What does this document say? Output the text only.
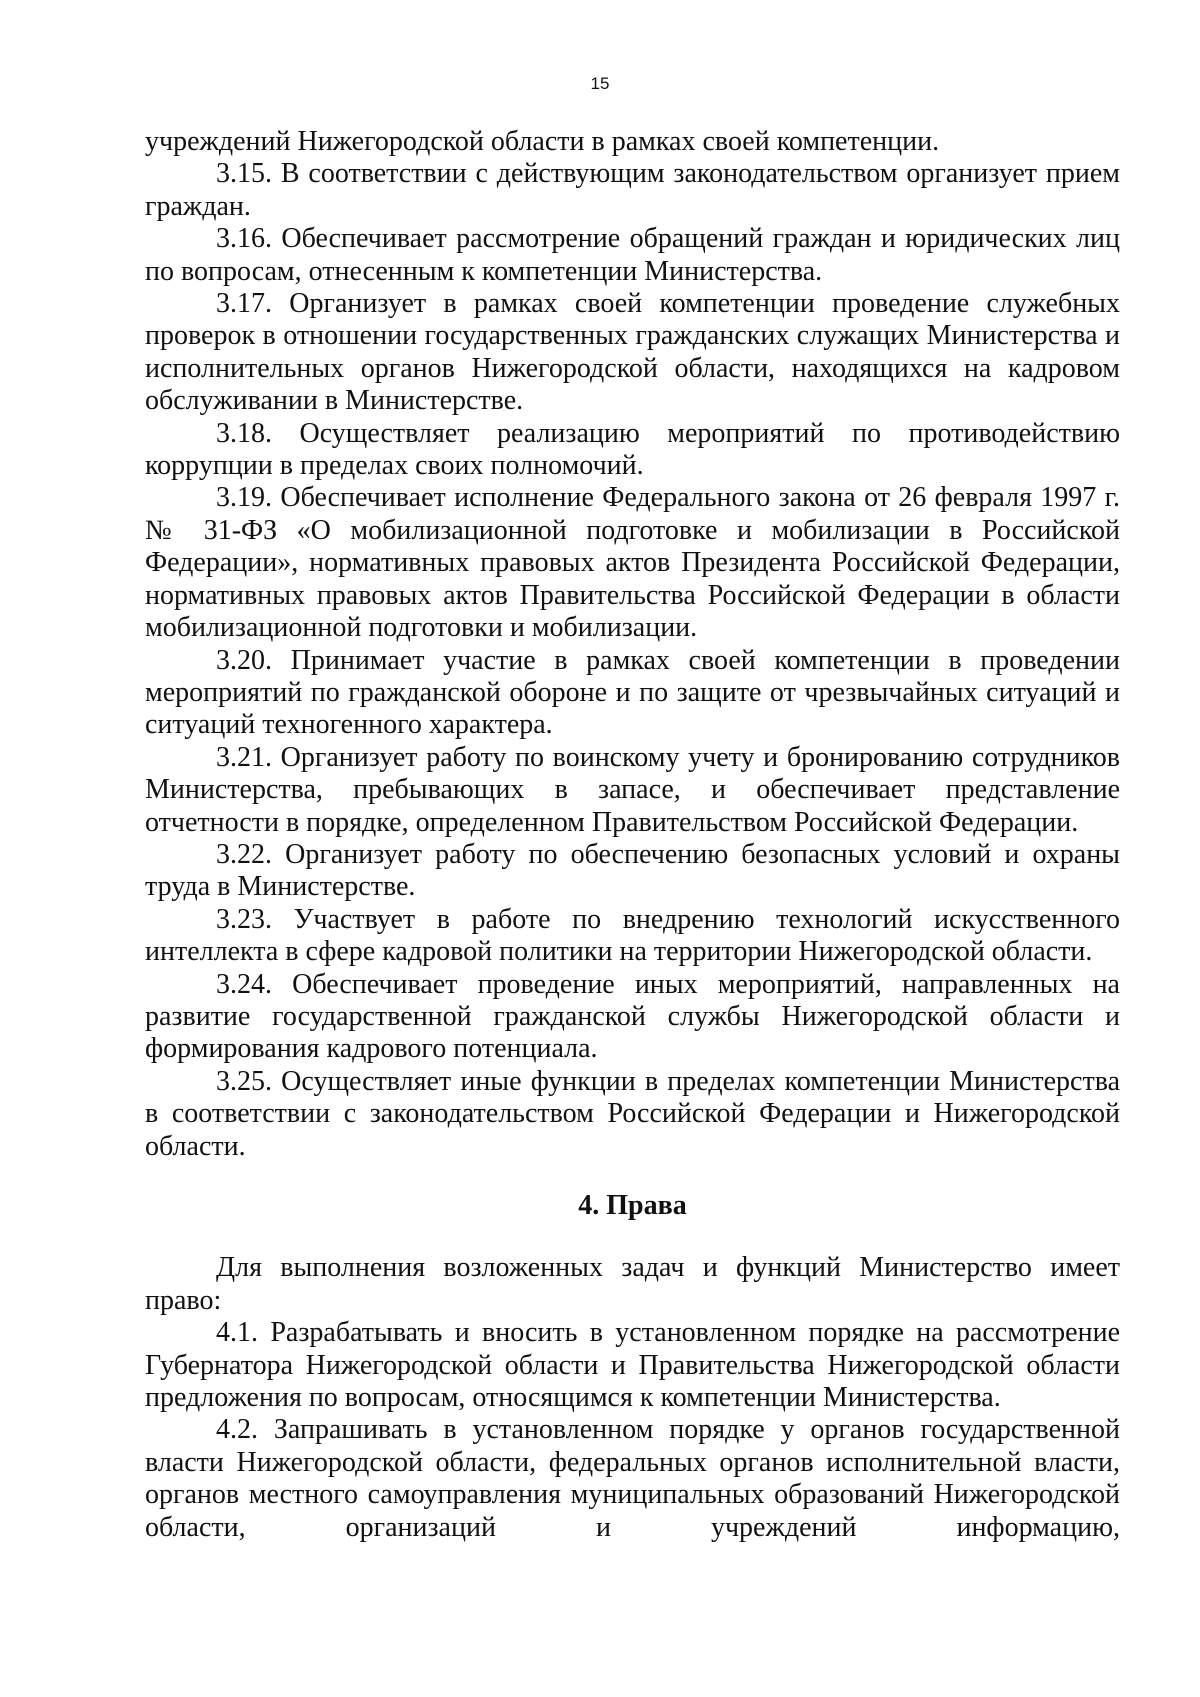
15

учреждений Нижегородской области в рамках своей компетенции.

3.15. В соответствии с действующим законодательством организует прием граждан.

3.16. Обеспечивает рассмотрение обращений граждан и юридических лиц по вопросам, отнесенным к компетенции Министерства.

3.17. Организует в рамках своей компетенции проведение служебных проверок в отношении государственных гражданских служащих Министерства и исполнительных органов Нижегородской области, находящихся на кадровом обслуживании в Министерстве.

3.18. Осуществляет реализацию мероприятий по противодействию коррупции в пределах своих полномочий.

3.19. Обеспечивает исполнение Федерального закона от 26 февраля 1997 г. № 31-ФЗ «О мобилизационной подготовке и мобилизации в Российской Федерации», нормативных правовых актов Президента Российской Федерации, нормативных правовых актов Правительства Российской Федерации в области мобилизационной подготовки и мобилизации.

3.20. Принимает участие в рамках своей компетенции в проведении мероприятий по гражданской обороне и по защите от чрезвычайных ситуаций и ситуаций техногенного характера.

3.21. Организует работу по воинскому учету и бронированию сотрудников Министерства, пребывающих в запасе, и обеспечивает представление отчетности в порядке, определенном Правительством Российской Федерации.

3.22. Организует работу по обеспечению безопасных условий и охраны труда в Министерстве.

3.23. Участвует в работе по внедрению технологий искусственного интеллекта в сфере кадровой политики на территории Нижегородской области.

3.24. Обеспечивает проведение иных мероприятий, направленных на развитие государственной гражданской службы Нижегородской области и формирования кадрового потенциала.

3.25. Осуществляет иные функции в пределах компетенции Министерства в соответствии с законодательством Российской Федерации и Нижегородской области.

4. Права

Для выполнения возложенных задач и функций Министерство имеет право:

4.1. Разрабатывать и вносить в установленном порядке на рассмотрение Губернатора Нижегородской области и Правительства Нижегородской области предложения по вопросам, относящимся к компетенции Министерства.

4.2. Запрашивать в установленном порядке у органов государственной власти Нижегородской области, федеральных органов исполнительной власти, органов местного самоуправления муниципальных образований Нижегородской области, организаций и учреждений информацию,
